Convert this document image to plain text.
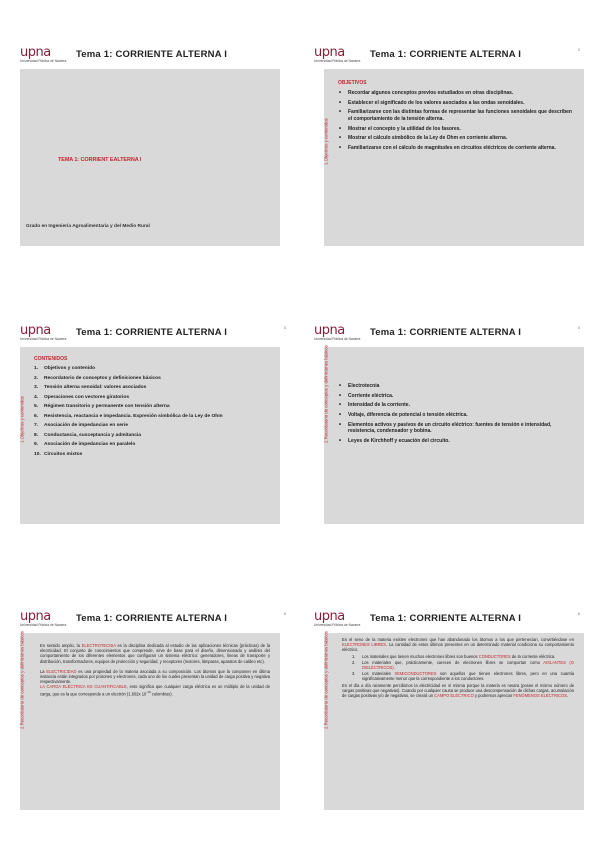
upna
Universidad Pública de Navarra
Tema 1: CORRIENTE ALTERNA I
TEMA 1: CORRIENT EALTERNA I
Grado en Ingeniería Agroalimentaria y del Medio Rural
upna
Universidad Pública de Navarra
Tema 1: CORRIENTE ALTERNA I	2
1.Objetivos y contenidos
OBJETIVOS
• Recordar algunos conceptos previos estudiados en otras disciplinas.
• Establecer el significado de los valores asociados a las ondas senoidales.
• Familiarizarse con las distintas formas de representar las funciones senoidales que describen el comportamiento de la tensión alterna.
• Mostrar el concepto y la utilidad de los fasores.
• Mostrar el cálculo simbólico de la Ley de Ohm en corriente alterna.
• Familiarizarse con el cálculo de magnitudes en circuitos eléctricos de corriente alterna.
upna
Universidad Pública de Navarra
Tema 1: CORRIENTE ALTERNA I	3
1.Objetivos y contenidos
CONTENIDOS
1. Objetivos y contenido
2. Recordatorio de conceptos y definiciones básicos
3. Tensión alterna senoidal: valores asociados
4. Operaciones con vectores giratorios
5. Régimen transitorio y permanente con tensión alterna
6. Resistencia, reactancia e impedancia. Expresión simbólica de la Ley de Ohm
7. Asociación de impedancias en serie
8. Conductancia, susceptancia y admitancia
9. Asociación de impedancias en paralelo
10. Circuitos mixtos
upna
Universidad Pública de Navarra
Tema 1: CORRIENTE ALTERNA I	4
2.Recordatorio de conceptos y definiciones básicos	• Electrotecnia
• Corriente eléctrica.
• Intensidad de la corriente.
• Voltaje, diferencia de potencial o tensión eléctrica.
• Elementos activos y pasivos de un circuito eléctrico: fuentes de tensión e intensidad, resistencia, condensador y bobina.
• Leyes de Kirchhoff y ecuación del circuito.
upna
Universidad Pública de Navarra
Tema 1: CORRIENTE ALTERNA I	5
2.Recordatorio de conceptos y definiciones básicos	En sentido amplio, la ELECTROTECNIA es la disciplina dedicada al estudio de las aplicaciones técnicas (prácticas) de la electricidad. El conjunto de conocimientos que comprende, sirve de base para el diseño, dimensionado y análisis del comportamiento de los diferentes elementos que configuran un sistema eléctrico: generadores, líneas de transporte y distribución, transformadores, equipos de protección y seguridad, y receptores (motores, lámparas, aparatos de caldeo etc).

La ELECTRICIDAD es una propiedad de la materia asociada a su composición. Los átomos que la componen en última instancia están integrados por protones y electrones, cada uno de los cuales presentan la unidad de carga positiva y negativa respectivamente.

LA CARGA ELÉCTRICA ES CUANTIFICABLE, esto significa que cualquier carga eléctrica es un múltiplo de la unidad de carga, que es la que corresponde a un electrón (1.602x $10^{-19}$ culombios).

upna
Universidad Pública de Navarra
Tema 1: CORRIENTE ALTERNA I	6
2.Recordatorio de conceptos y definiciones básicos	En el seno de la materia existen electrones que han abandonado los átomos a los que pertenecían, convirtiéndose en ELECTRONES LIBRES. La cantidad de estos últimos presentes en un determinado material condiciona su comportamiento eléctrico.

1. Los materiales que tienen muchos electrones libres son buenos CONDUCTORES de la corriente eléctrica.
2. Los materiales que, prácticamente, carecen de electrones libres se comportan como AISLANTES (O DIELÉCTRICOS).
3. Los materiales SEMICONDUCTORES son aquellos que tienen electrones libres, pero en una cuantía significativamente menor que la correspondiente a los conductores.

En el día a día raramente percibimos la electricidad en sí misma porque la materia es neutra (posee el mismo número de cargas positivas que negativas). Cuando por cualquier causa se produce una descompensación de dichas cargas, acumulación de cargas positivas y/o de negativas, se creará un CAMPO ELÉCTRICO y podremos apreciar FENÓMENOS ELÉCTRICOS.
